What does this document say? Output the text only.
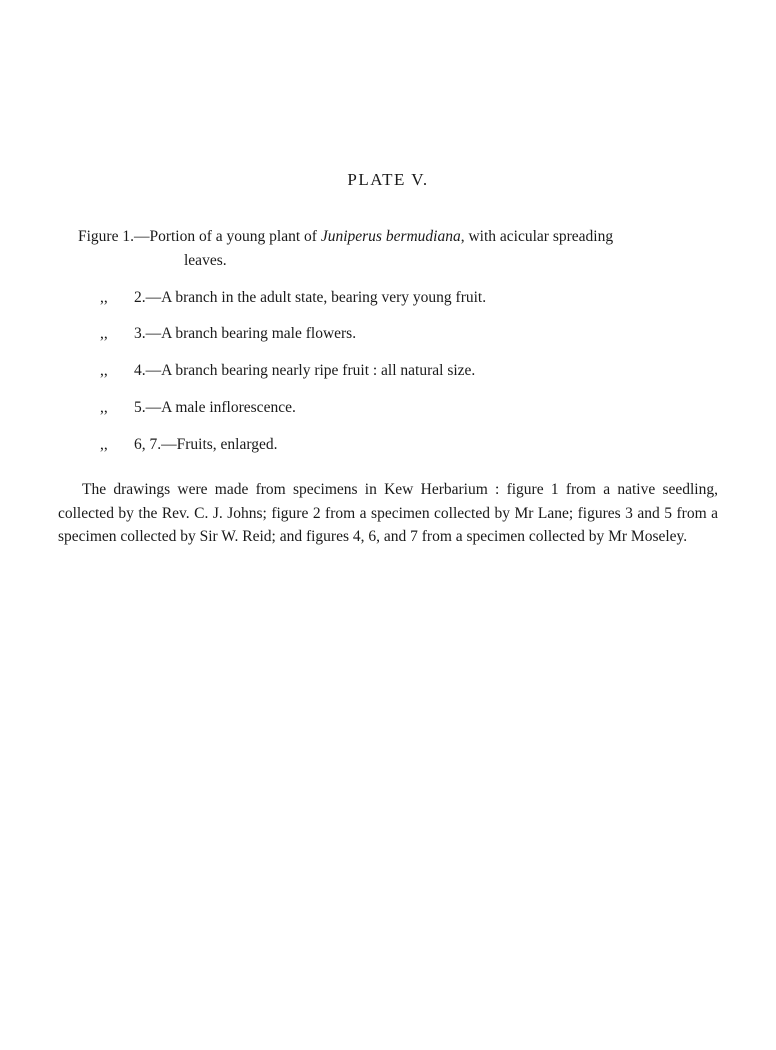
PLATE V.
Figure 1.—Portion of a young plant of Juniperus bermudiana, with acicular spreading
leaves.
,, 2.—A branch in the adult state, bearing very young fruit.
,, 3.—A branch bearing male flowers.
,, 4.—A branch bearing nearly ripe fruit : all natural size.
,, 5.—A male inflorescence.
,, 6, 7.—Fruits, enlarged.

The drawings were made from specimens in Kew Herbarium : figure 1 from a native seedling, collected by the Rev. C. J. Johns; figure 2 from a specimen collected by Mr Lane; figures 3 and 5 from a specimen collected by Sir W. Reid; and figures 4, 6, and 7 from a specimen collected by Mr Moseley.
